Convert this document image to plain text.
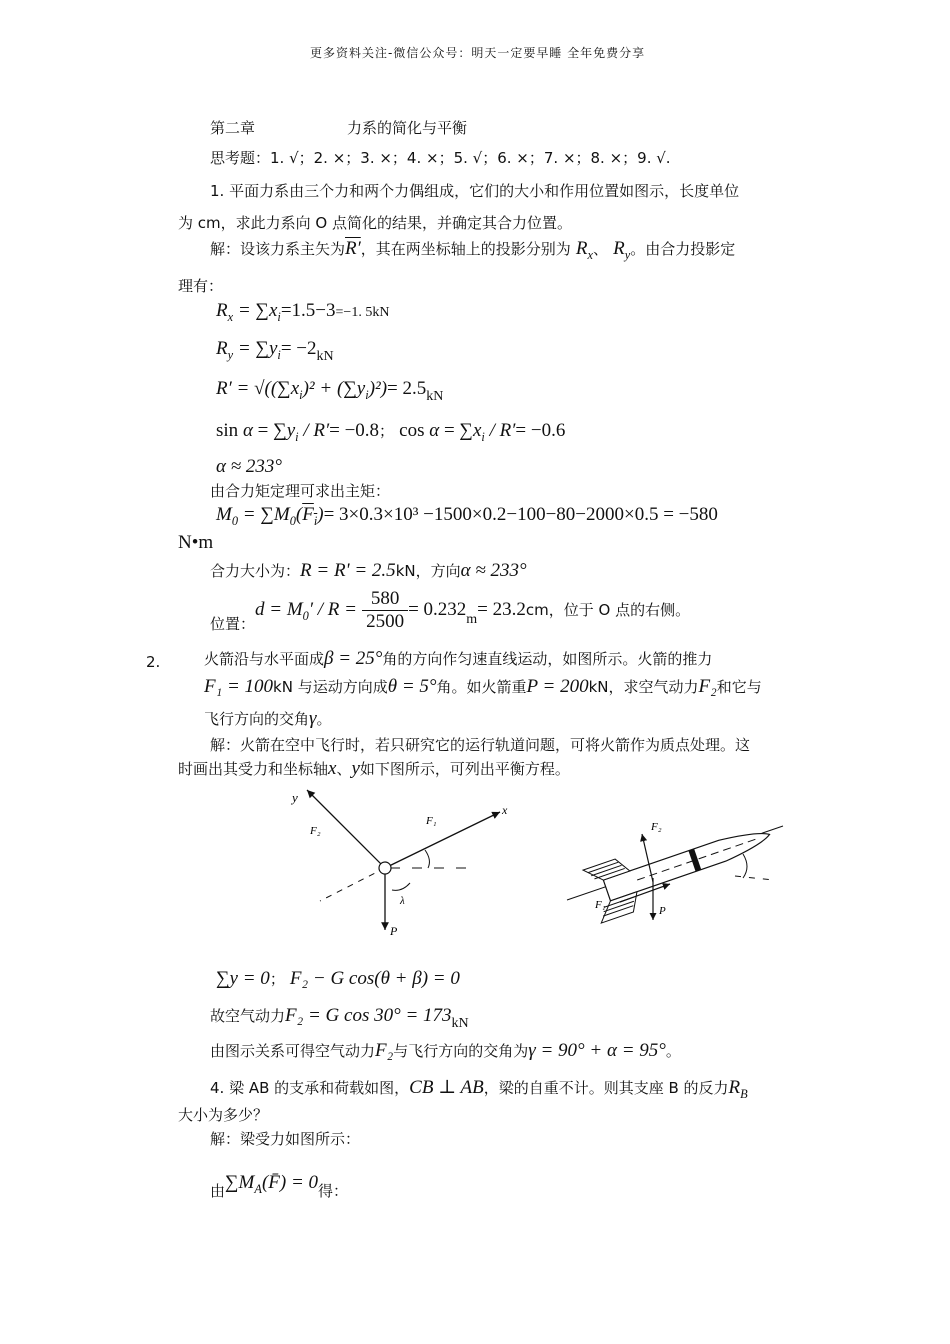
更多资料关注-微信公众号：明天一定要早睡 全年免费分享
第二章	力系的简化与平衡
思考题：1. √；2. ×；3. ×；4. ×；5. √；6. ×；7. ×；8. ×；9. √.
1. 平面力系由三个力和两个力偶组成，它们的大小和作用位置如图示，长度单位
为 cm，求此力系向 O 点简化的结果，并确定其合力位置。
解：设该力系主矢为R′，其在两坐标轴上的投影分别为 $R_x$、 $R_y$。由合力投影定
理有：
$R_x = \sum x_i=1.5-3=-1$. 5kN
$R_y = \sum y_i= -2kN$
$R' = √((\sum x_i)^2 + (\sum y_i)^2)= 2.5kN$
$\sin \alpha = \sum y_i / R'= -0.8$； $\cos \alpha = \sum x_i / R'= -0.6$
α ≈ 233°
由合力矩定理可求出主矩：
$M_0 = \sum M_0(F_i)= 3\times 0.3\times 10^3 -1500\times 0.2-100-80-2000\times 0.5 = -580$
N•m
合力大小为：R = R' = 2.5kN，方向α ≈ 233°
位置：$d = M_0' / R = \frac{580}{2500} = 0.232m= 23.2cm$，位于 O 点的右侧。
2.	火箭沿与水平面成β = 25°角的方向作匀速直线运动，如图所示。火箭的推力
F₁ = 100kN 与运动方向成θ = 5°角。如火箭重P = 200kN，求空气动力F₂和它与
飞行方向的交角γ。
解：火箭在空中飞行时，若只研究它的运行轨道问题，可将火箭作为质点处理。这
时画出其受力和坐标轴x、y如下图所示，可列出平衡方程。
y
x
F₂
F₁
P
λ
F₂
F₁	P
∑y = 0； F₂ − G cos(θ + β) = 0
故空气动力F₂ = G cos 30° = 173kN
由图示关系可得空气动力F₂与飞行方向的交角为γ = 90° + α = 95°。
4. 梁 AB 的支承和荷载如图，CB ⊥ AB，梁的自重不计。则其支座 B 的反力$R_B$
大小为多少？
解：梁受力如图所示：
由$\sum M_A(F̄) = 0$得：
